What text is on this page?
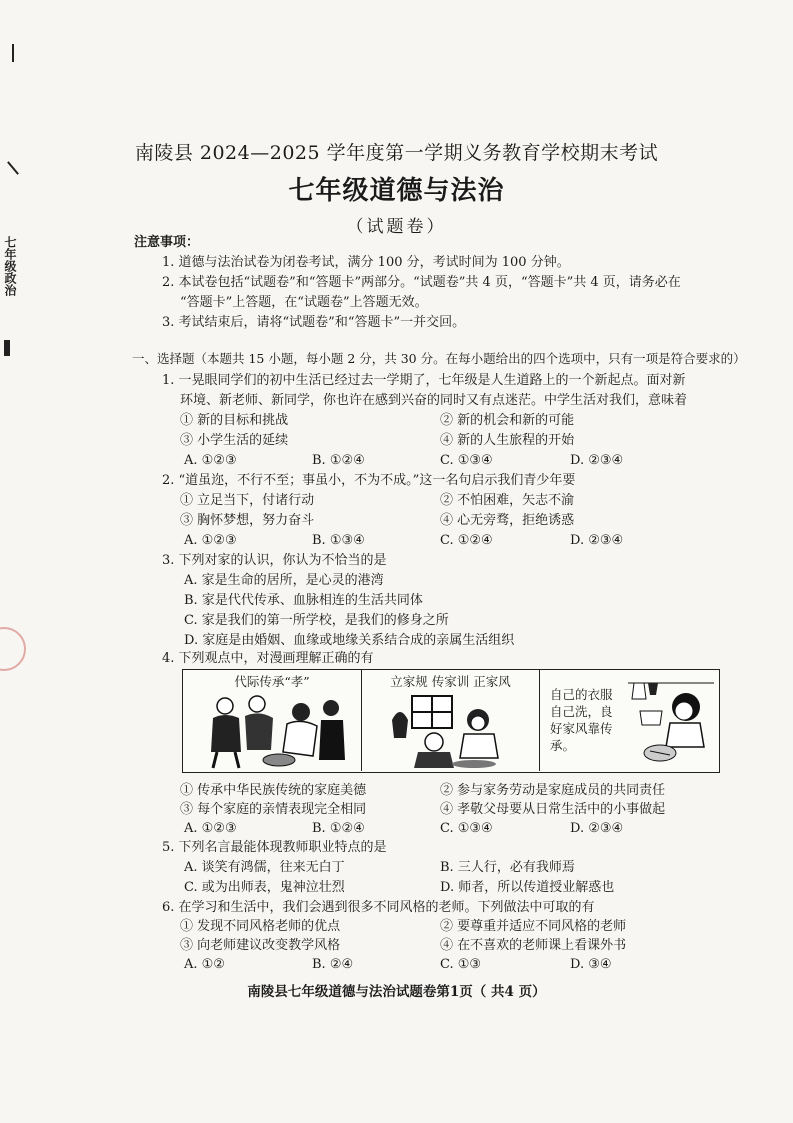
七年级政治
南陵县 2024—2025 学年度第一学期义务教育学校期末考试
七年级道德与法治
（试题卷）
注意事项：
1. 道德与法治试卷为闭卷考试，满分 100 分，考试时间为 100 分钟。
2. 本试卷包括“试题卷”和“答题卡”两部分。“试题卷”共 4 页，“答题卡”共 4 页，请务必在
“答题卡”上答题，在“试题卷”上答题无效。
3. 考试结束后，请将“试题卷”和“答题卡”一并交回。
一、选择题（本题共 15 小题，每小题 2 分，共 30 分。在每小题给出的四个选项中，只有一项是符合要求的）
1. 一晃眼同学们的初中生活已经过去一学期了，七年级是人生道路上的一个新起点。面对新
环境、新老师、新同学，你也许在感到兴奋的同时又有点迷茫。中学生活对我们，意味着
① 新的目标和挑战	② 新的机会和新的可能
③ 小学生活的延续	④ 新的人生旅程的开始
A. ①②③	B. ①②④	C. ①③④	D. ②③④
2. “道虽迩，不行不至；事虽小，不为不成。”这一名句启示我们青少年要
① 立足当下，付诸行动	② 不怕困难，矢志不渝
③ 胸怀梦想，努力奋斗	④ 心无旁骛，拒绝诱惑
A. ①②③	B. ①③④	C. ①②④	D. ②③④
3. 下列对家的认识，你认为不恰当的是
A. 家是生命的居所，是心灵的港湾
B. 家是代代传承、血脉相连的生活共同体
C. 家是我们的第一所学校，是我们的修身之所
D. 家庭是由婚姻、血缘或地缘关系结合成的亲属生活组织
4. 下列观点中，对漫画理解正确的有
代际传承“孝”	立家规 传家训 正家风
自己的衣服
自己洗，良
好家风靠传
承。
① 传承中华民族传统的家庭美德	② 参与家务劳动是家庭成员的共同责任
③ 每个家庭的亲情表现完全相同	④ 孝敬父母要从日常生活中的小事做起
A. ①②③	B. ①②④	C. ①③④	D. ②③④
5. 下列名言最能体现教师职业特点的是
A. 谈笑有鸿儒，往来无白丁	B. 三人行，必有我师焉
C. 或为出师表，鬼神泣壮烈	D. 师者，所以传道授业解惑也
6. 在学习和生活中，我们会遇到很多不同风格的老师。下列做法中可取的有
① 发现不同风格老师的优点	② 要尊重并适应不同风格的老师
③ 向老师建议改变教学风格	④ 在不喜欢的老师课上看课外书
A. ①②	B. ②④	C. ①③	D. ③④
南陵县七年级道德与法治试题卷第1页（ 共4 页）
